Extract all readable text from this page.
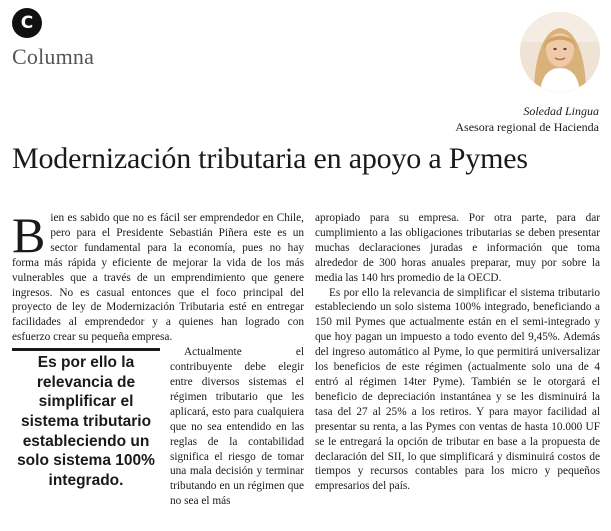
C
Columna
Soledad Lingua
Asesora regional de Hacienda
Modernización tributaria en apoyo a Pymes

Bien es sabido que no es fácil ser emprendedor en Chile, pero para el Presidente Sebastián Piñera este es un sector fundamental para la economía, pues no hay forma más rápida y eficiente de mejorar la vida de los más vulnerables que a través de un emprendimiento que genere ingresos. No es casual entonces que el foco principal del proyecto de ley de Modernización Tributaria esté en entregar facilidades al emprendedor y a quienes han logrado con esfuerzo crear su pequeña empresa.

Es por ello la relevancia de simplificar el sistema tributario estableciendo un solo sistema 100% integrado.

Actualmente el contribuyente debe elegir entre diversos sistemas el régimen tributario que les aplicará, esto para cualquiera que no sea entendido en las reglas de la contabilidad significa el riesgo de tomar una mala decisión y terminar tributando en un régimen que no sea el más

apropiado para su empresa. Por otra parte, para dar cumplimiento a las obligaciones tributarias se deben presentar muchas declaraciones juradas e información que toma alrededor de 300 horas anuales preparar, muy por sobre la media las 140 hrs promedio de la OECD.

Es por ello la relevancia de simplificar el sistema tributario estableciendo un solo sistema 100% integrado, beneficiando a 150 mil Pymes que actualmente están en el semi-integrado y que hoy pagan un impuesto a todo evento del 9,45%. Además del ingreso automático al Pyme, lo que permitirá universalizar los beneficios de este régimen (actualmente solo una de 4 entró al régimen 14ter Pyme). También se le otorgará el beneficio de depreciación instantánea y se les disminuirá la tasa del 27 al 25% a los retiros. Y para mayor facilidad al presentar su renta, a las Pymes con ventas de hasta 10.000 UF se le entregará la opción de tributar en base a la propuesta de declaración del SII, lo que simplificará y disminuirá costos de tiempos y recursos contables para los micro y pequeños empresarios del país.
